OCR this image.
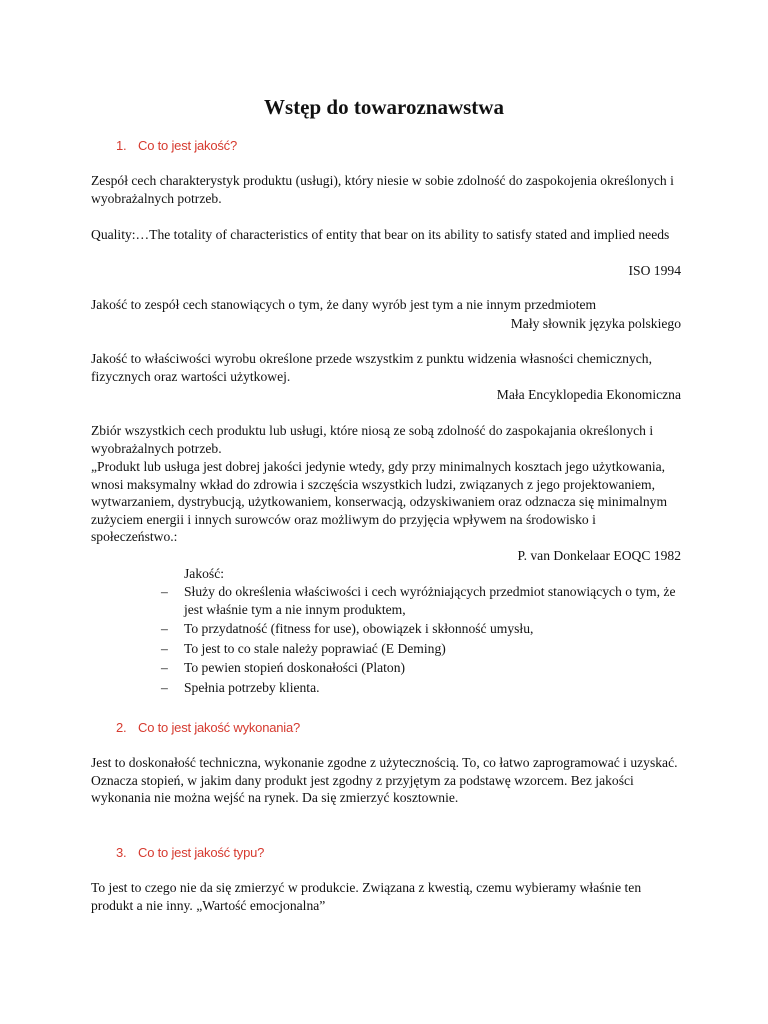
Wstęp do towaroznawstwa
1. Co to jest jakość?
Zespół cech charakterystyk produktu (usługi), który niesie w sobie zdolność do zaspokojenia określonych i wyobrażalnych potrzeb.
Quality:…The totality of characteristics of entity that bear on its ability to satisfy stated and implied needs
ISO 1994
Jakość to zespół cech stanowiących o tym, że dany wyrób jest tym a nie innym przedmiotem
Mały słownik języka polskiego
Jakość to właściwości wyrobu określone przede wszystkim z punktu widzenia własności chemicznych, fizycznych oraz wartości użytkowej.
Mała Encyklopedia Ekonomiczna
Zbiór wszystkich cech produktu lub usługi, które niosą ze sobą zdolność do zaspokajania określonych i wyobrażalnych potrzeb.
„Produkt lub usługa jest dobrej jakości jedynie wtedy, gdy przy minimalnych kosztach jego użytkowania, wnosi maksymalny wkład do zdrowia i szczęścia wszystkich ludzi, związanych z jego projektowaniem, wytwarzaniem, dystrybucją, użytkowaniem, konserwacją, odzyskiwaniem oraz odznacza się minimalnym zużyciem energii i innych surowców oraz możliwym do przyjęcia wpływem na środowisko i społeczeństwo.:
P. van Donkelaar EOQC 1982
Jakość:
– Służy do określenia właściwości i cech wyróżniających przedmiot stanowiących o tym, że jest właśnie tym a nie innym produktem,
– To przydatność (fitness for use), obowiązek i skłonność umysłu,
– To jest to co stale należy poprawiać (E Deming)
– To pewien stopień doskonałości (Platon)
– Spełnia potrzeby klienta.
2. Co to jest jakość wykonania?
Jest to doskonałość techniczna, wykonanie zgodne z użytecznością. To, co łatwo zaprogramować i uzyskać. Oznacza stopień, w jakim dany produkt jest zgodny z przyjętym za podstawę wzorcem. Bez jakości wykonania nie można wejść na rynek. Da się zmierzyć kosztownie.
3. Co to jest jakość typu?
To jest to czego nie da się zmierzyć w produkcie. Związana z kwestią, czemu wybieramy właśnie ten produkt a nie inny. „Wartość emocjonalna”
